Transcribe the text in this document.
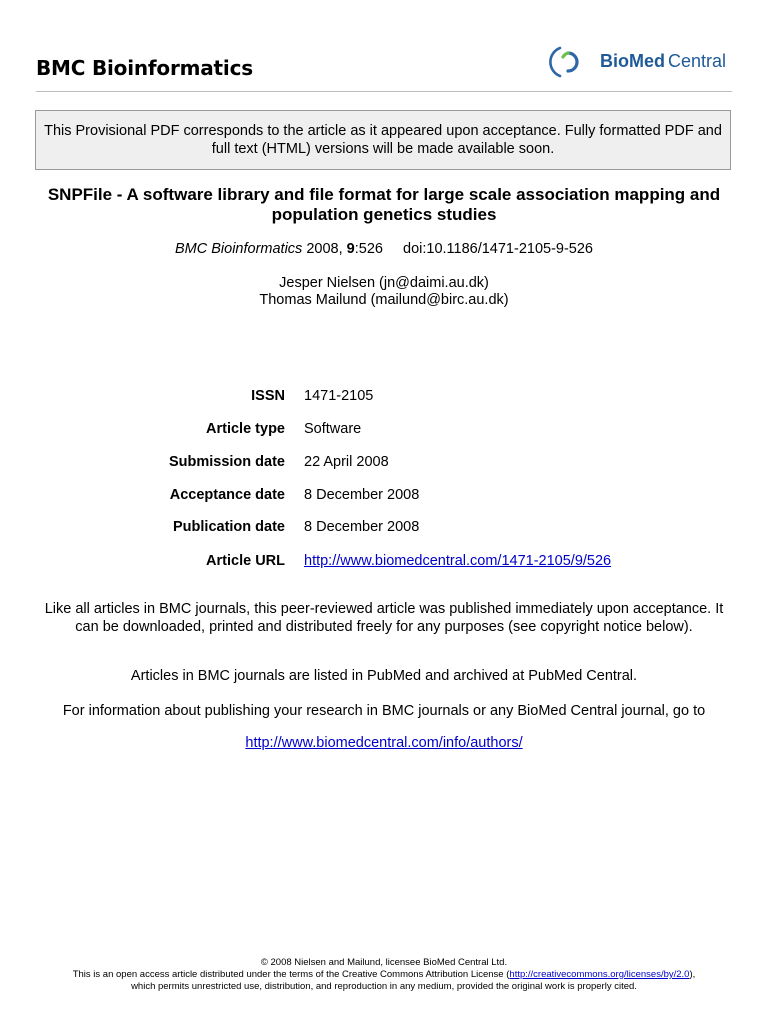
BMC Bioinformatics	BioMed Central
This Provisional PDF corresponds to the article as it appeared upon acceptance. Fully formatted PDF and full text (HTML) versions will be made available soon.
SNPFile - A software library and file format for large scale association mapping and population genetics studies
BMC Bioinformatics 2008, 9:526 doi:10.1186/1471-2105-9-526
Jesper Nielsen (jn@daimi.au.dk)
Thomas Mailund (mailund@birc.au.dk)
ISSN 1471-2105
Article type Software
Submission date 22 April 2008
Acceptance date 8 December 2008
Publication date 8 December 2008
Article URL http://www.biomedcentral.com/1471-2105/9/526
Like all articles in BMC journals, this peer-reviewed article was published immediately upon acceptance. It can be downloaded, printed and distributed freely for any purposes (see copyright notice below).
Articles in BMC journals are listed in PubMed and archived at PubMed Central.
For information about publishing your research in BMC journals or any BioMed Central journal, go to
http://www.biomedcentral.com/info/authors/
© 2008 Nielsen and Mailund, licensee BioMed Central Ltd.
This is an open access article distributed under the terms of the Creative Commons Attribution License (http://creativecommons.org/licenses/by/2.0),
which permits unrestricted use, distribution, and reproduction in any medium, provided the original work is properly cited.
